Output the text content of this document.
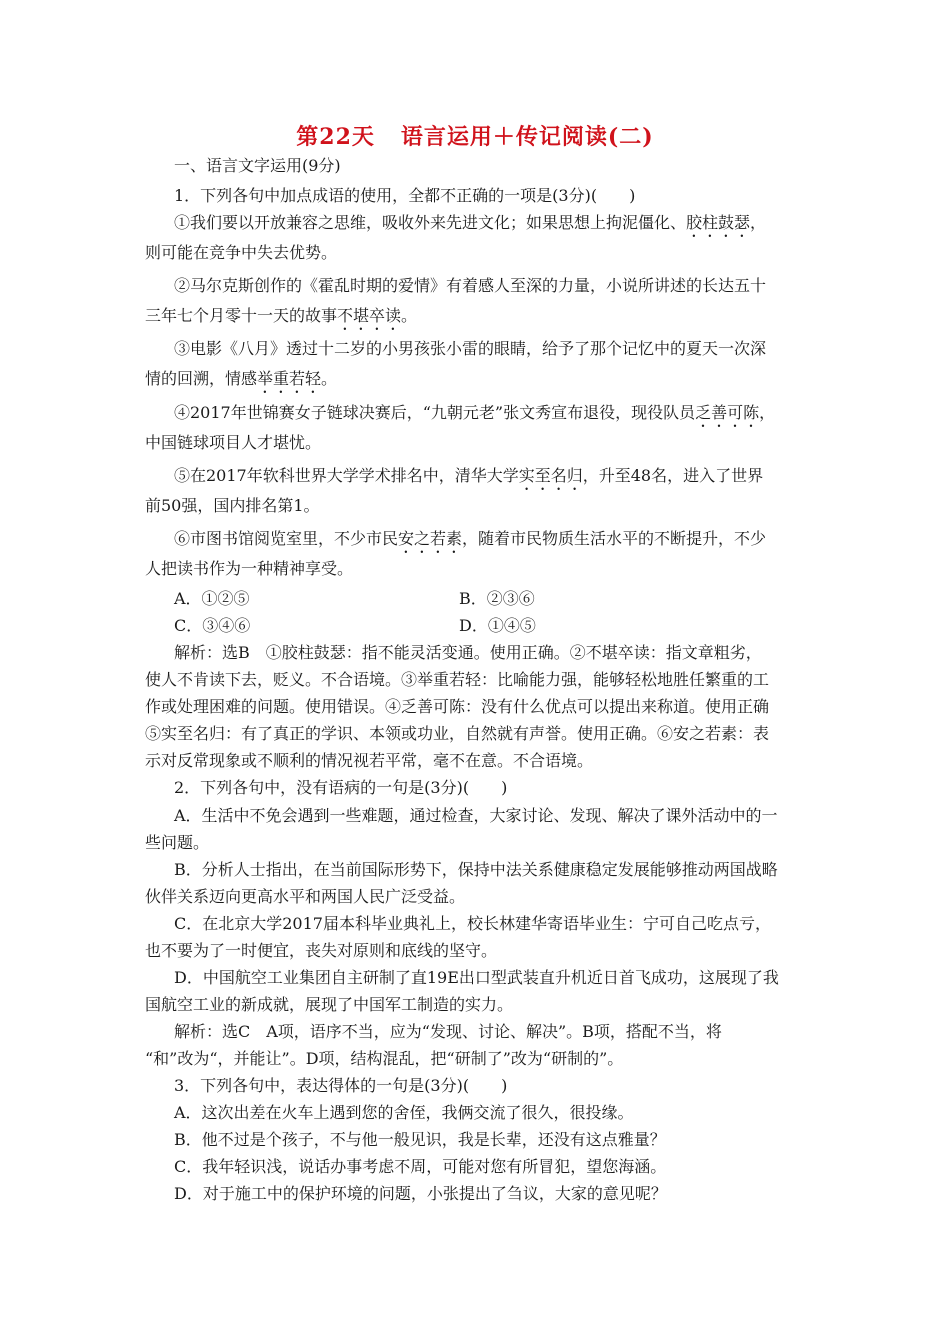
第22天 语言运用＋传记阅读(二)
一、语言文字运用(9分)
1．下列各句中加点成语的使用，全都不正确的一项是(3分)(　　)
①我们要以开放兼容之思维，吸收外来先进文化；如果思想上拘泥僵化、胶柱鼓瑟，
则可能在竞争中失去优势。
②马尔克斯创作的《霍乱时期的爱情》有着感人至深的力量，小说所讲述的长达五十
三年七个月零十一天的故事不堪卒读。
③电影《八月》透过十二岁的小男孩张小雷的眼睛，给予了那个记忆中的夏天一次深
情的回溯，情感举重若轻。
④2017年世锦赛女子链球决赛后，“九朝元老”张文秀宣布退役，现役队员乏善可陈，
中国链球项目人才堪忧。
⑤在2017年软科世界大学学术排名中，清华大学实至名归，升至48名，进入了世界
前50强，国内排名第1。
⑥市图书馆阅览室里，不少市民安之若素，随着市民物质生活水平的不断提升，不少
人把读书作为一种精神享受。
A．①②⑤	B．②③⑥
C．③④⑥	D．①④⑤
解析：选B　①胶柱鼓瑟：指不能灵活变通。使用正确。②不堪卒读：指文章粗劣，
使人不肯读下去，贬义。不合语境。③举重若轻：比喻能力强，能够轻松地胜任繁重的工
作或处理困难的问题。使用错误。④乏善可陈：没有什么优点可以提出来称道。使用正确
⑤实至名归：有了真正的学识、本领或功业，自然就有声誉。使用正确。⑥安之若素：表
示对反常现象或不顺利的情况视若平常，毫不在意。不合语境。
2．下列各句中，没有语病的一句是(3分)(　　)
A．生活中不免会遇到一些难题，通过检查，大家讨论、发现、解决了课外活动中的一
些问题。
B．分析人士指出，在当前国际形势下，保持中法关系健康稳定发展能够推动两国战略
伙伴关系迈向更高水平和两国人民广泛受益。
C．在北京大学2017届本科毕业典礼上，校长林建华寄语毕业生：宁可自己吃点亏，
也不要为了一时便宜，丧失对原则和底线的坚守。
D．中国航空工业集团自主研制了直19E出口型武装直升机近日首飞成功，这展现了我
国航空工业的新成就，展现了中国军工制造的实力。
解析：选C　A项，语序不当，应为“发现、讨论、解决”。B项，搭配不当，将
“和”改为“，并能让”。D项，结构混乱，把“研制了”改为“研制的”。
3．下列各句中，表达得体的一句是(3分)(　　)
A．这次出差在火车上遇到您的舍侄，我俩交流了很久，很投缘。
B．他不过是个孩子，不与他一般见识，我是长辈，还没有这点雅量？
C．我年轻识浅，说话办事考虑不周，可能对您有所冒犯，望您海涵。
D．对于施工中的保护环境的问题，小张提出了刍议，大家的意见呢？
